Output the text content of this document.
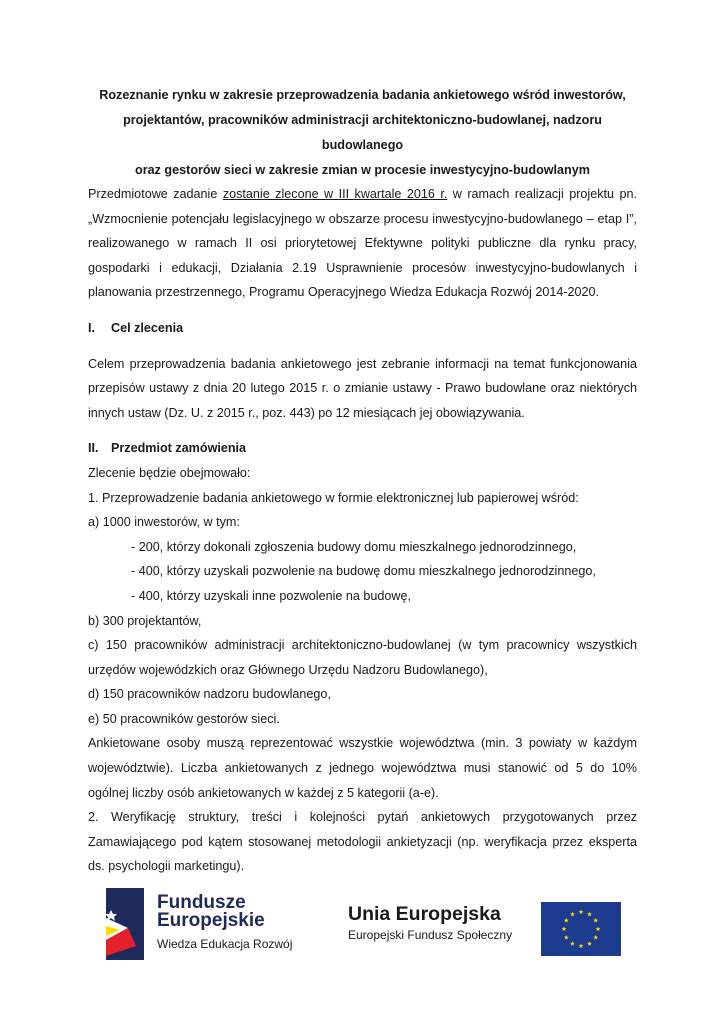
Rozeznanie rynku w zakresie przeprowadzenia badania ankietowego wśród inwestorów,
projektantów, pracowników administracji architektoniczno-budowlanej, nadzoru budowlanego
oraz gestorów sieci w zakresie zmian w procesie inwestycyjno-budowlanym

Przedmiotowe zadanie zostanie zlecone w III kwartale 2016 r. w ramach realizacji projektu pn. „Wzmocnienie potencjału legislacyjnego w obszarze procesu inwestycyjno-budowlanego – etap I”, realizowanego w ramach II osi priorytetowej Efektywne polityki publiczne dla rynku pracy, gospodarki i edukacji, Działania 2.19 Usprawnienie procesów inwestycyjno-budowlanych i planowania przestrzennego, Programu Operacyjnego Wiedza Edukacja Rozwój 2014-2020.

I.	Cel zlecenia

Celem przeprowadzenia badania ankietowego jest zebranie informacji na temat funkcjonowania przepisów ustawy z dnia 20 lutego 2015 r. o zmianie ustawy - Prawo budowlane oraz niektórych innych ustaw (Dz. U. z 2015 r., poz. 443) po 12 miesiącach jej obowiązywania.

II. Przedmiot zamówienia

Zlecenie będzie obejmowało:

1. Przeprowadzenie badania ankietowego w formie elektronicznej lub papierowej wśród:

a) 1000 inwestorów, w tym:

- 200, którzy dokonali zgłoszenia budowy domu mieszkalnego jednorodzinnego,

- 400, którzy uzyskali pozwolenie na budowę domu mieszkalnego jednorodzinnego,

- 400, którzy uzyskali inne pozwolenie na budowę,

b) 300 projektantów,

c) 150 pracowników administracji architektoniczno-budowlanej (w tym pracownicy wszystkich urzędów wojewódzkich oraz Głównego Urzędu Nadzoru Budowlanego),

d) 150 pracowników nadzoru budowlanego,

e) 50 pracowników gestorów sieci.

Ankietowane osoby muszą reprezentować wszystkie województwa (min. 3 powiaty w każdym województwie). Liczba ankietowanych z jednego województwa musi stanowić od 5 do 10% ogólnej liczby osób ankietowanych w każdej z 5 kategorii (a-e).

2. Weryfikację struktury, treści i kolejności pytań ankietowych przygotowanych przez Zamawiającego pod kątem stosowanej metodologii ankietyzacji (np. weryfikacja przez eksperta ds. psychologii marketingu).

Fundusze
Europejskie
Wiedza Edukacja Rozwój
Unia Europejska
Europejski Fundusz Społeczny
